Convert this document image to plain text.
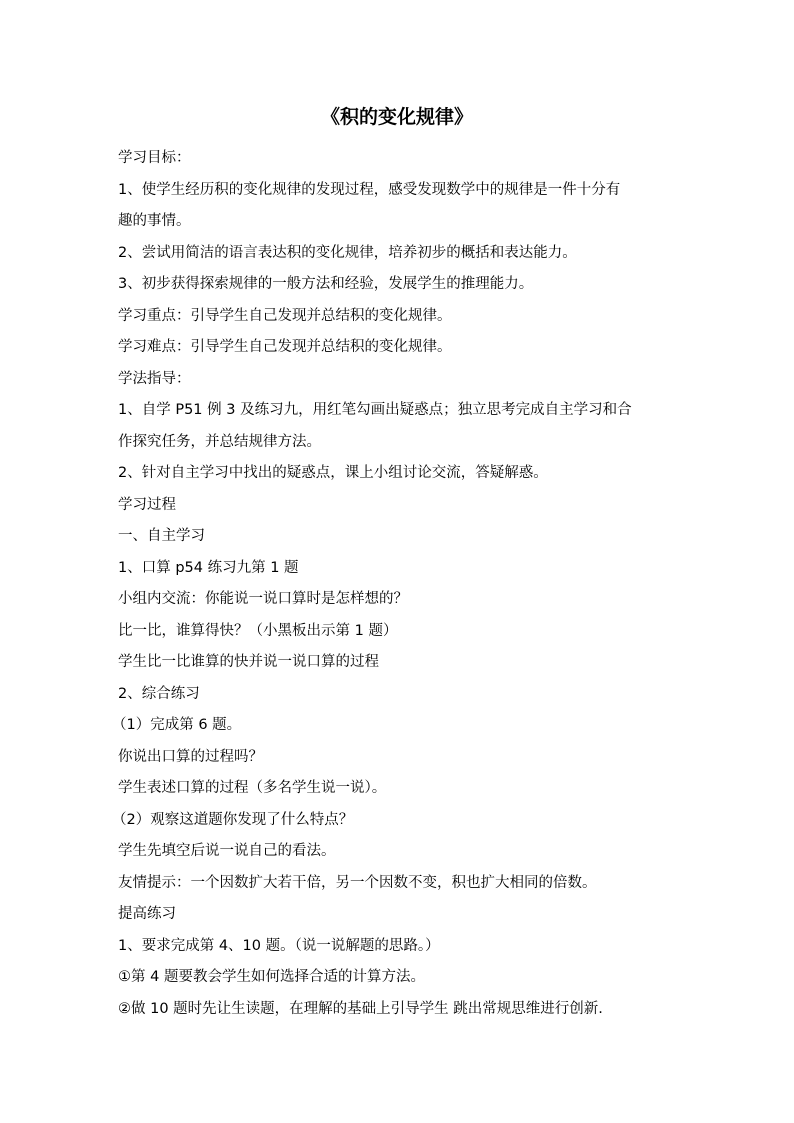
《积的变化规律》
学习目标：
1、使学生经历积的变化规律的发现过程，感受发现数学中的规律是一件十分有
趣的事情。
2、尝试用简洁的语言表达积的变化规律，培养初步的概括和表达能力。
3、初步获得探索规律的一般方法和经验，发展学生的推理能力。
学习重点：引导学生自己发现并总结积的变化规律。
学习难点：引导学生自己发现并总结积的变化规律。
学法指导：
1、自学 P51 例 3 及练习九，用红笔勾画出疑惑点；独立思考完成自主学习和合
作探究任务，并总结规律方法。
2、针对自主学习中找出的疑惑点，课上小组讨论交流，答疑解惑。
学习过程
一、自主学习
1、口算 p54 练习九第 1 题
小组内交流：你能说一说口算时是怎样想的？
比一比，谁算得快？（小黑板出示第 1 题）
学生比一比谁算的快并说一说口算的过程
2、综合练习
（1）完成第 6 题。
你说出口算的过程吗？
学生表述口算的过程（多名学生说一说）。
（2）观察这道题你发现了什么特点？
学生先填空后说一说自己的看法。
友情提示：一个因数扩大若干倍，另一个因数不变，积也扩大相同的倍数。
提高练习
1、要求完成第 4、10 题。（说一说解题的思路。）
①第 4 题要教会学生如何选择合适的计算方法。
②做 10 题时先让生读题，在理解的基础上引导学生 跳出常规思维进行创新.
